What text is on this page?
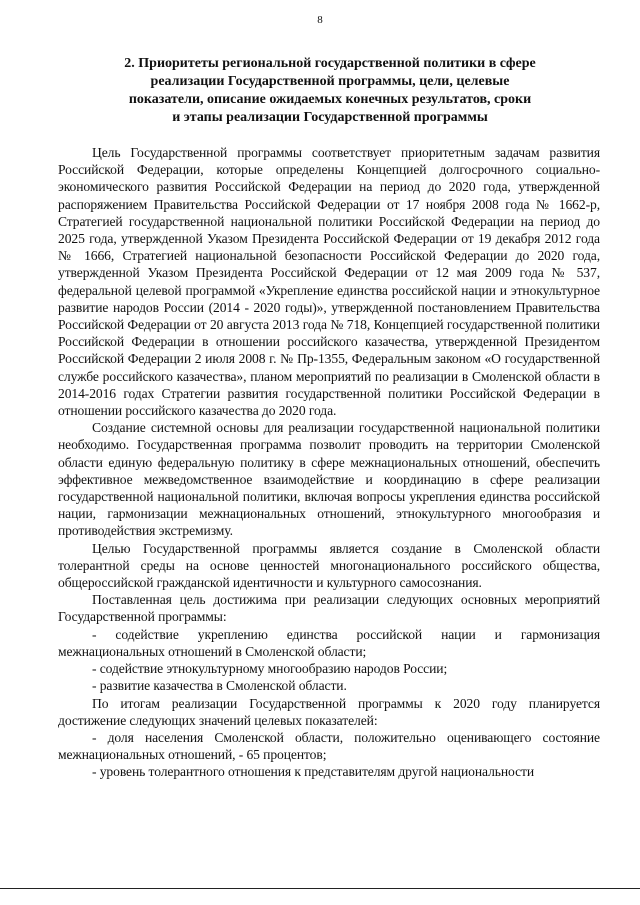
8
2. Приоритеты региональной государственной политики в сфере
реализации Государственной программы, цели, целевые
показатели, описание ожидаемых конечных результатов, сроки
и этапы реализации Государственной программы

Цель Государственной программы соответствует приоритетным задачам развития Российской Федерации, которые определены Концепцией долгосрочного социально-экономического развития Российской Федерации на период до 2020 года, утвержденной распоряжением Правительства Российской Федерации от 17 ноября 2008 года № 1662-р, Стратегией государственной национальной политики Российской Федерации на период до 2025 года, утвержденной Указом Президента Российской Федерации от 19 декабря 2012 года № 1666, Стратегией национальной безопасности Российской Федерации до 2020 года, утвержденной Указом Президента Российской Федерации от 12 мая 2009 года № 537, федеральной целевой программой «Укрепление единства российской нации и этнокультурное развитие народов России (2014 - 2020 годы)», утвержденной постановлением Правительства Российской Федерации от 20 августа 2013 года № 718, Концепцией государственной политики Российской Федерации в отношении российского казачества, утвержденной Президентом Российской Федерации 2 июля 2008 г. № Пр-1355, Федеральным законом «О государственной службе российского казачества», планом мероприятий по реализации в Смоленской области в 2014-2016 годах Стратегии развития государственной политики Российской Федерации в отношении российского казачества до 2020 года.

Создание системной основы для реализации государственной национальной политики необходимо. Государственная программа позволит проводить на территории Смоленской области единую федеральную политику в сфере межнациональных отношений, обеспечить эффективное межведомственное взаимодействие и координацию в сфере реализации государственной национальной политики, включая вопросы укрепления единства российской нации, гармонизации межнациональных отношений, этнокультурного многообразия и противодействия экстремизму.

Целью Государственной программы является создание в Смоленской области толерантной среды на основе ценностей многонационального российского общества, общероссийской гражданской идентичности и культурного самосознания.

Поставленная цель достижима при реализации следующих основных мероприятий Государственной программы:

- содействие укреплению единства российской нации и гармонизация межнациональных отношений в Смоленской области;

- содействие этнокультурному многообразию народов России;

- развитие казачества в Смоленской области.

По итогам реализации Государственной программы к 2020 году планируется достижение следующих значений целевых показателей:

- доля населения Смоленской области, положительно оценивающего состояние межнациональных отношений, - 65 процентов;

- уровень толерантного отношения к представителям другой национальности
